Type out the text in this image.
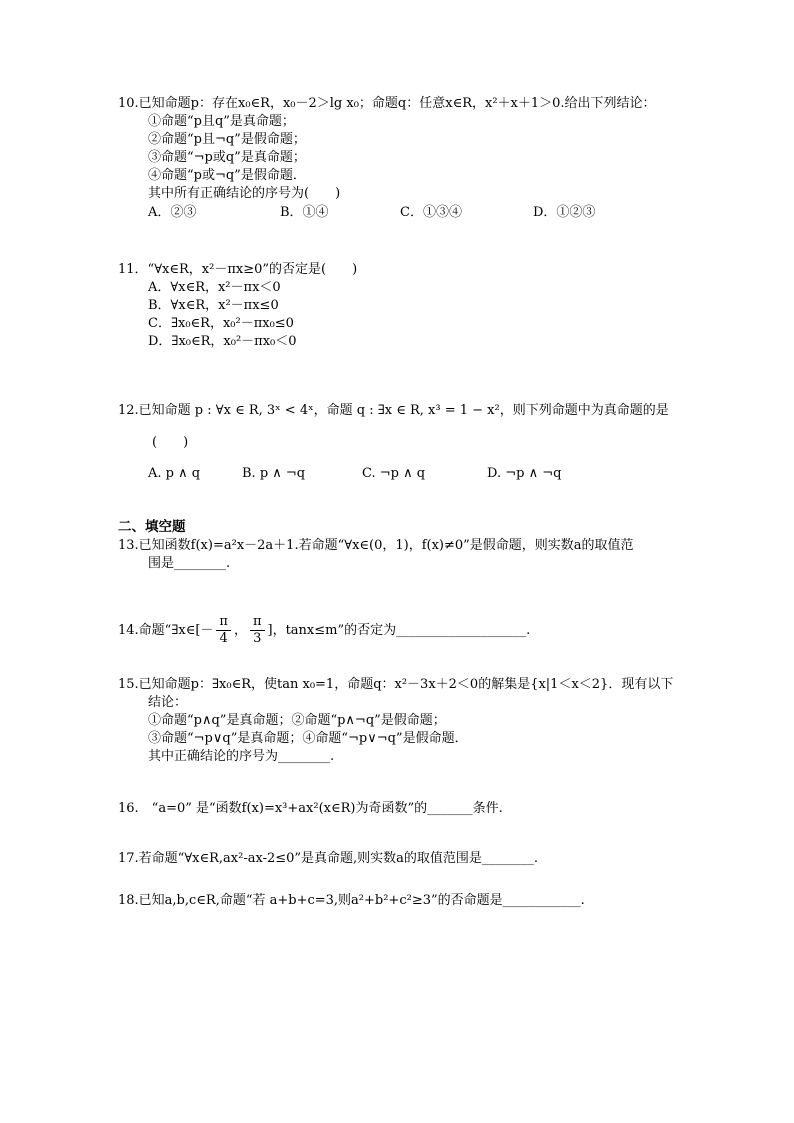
10.已知命题p：存在x₀∈R，x₀－2＞lg x₀；命题q：任意x∈R，x²＋x＋1＞0.给出下列结论：
①命题“p且q”是真命题；
②命题“p且¬q”是假命题；
③命题“¬p或q”是真命题；
④命题“p或¬q”是假命题．
其中所有正确结论的序号为(　　)
A．②③	B．①④	C．①③④	D．①②③
11．“∀x∈R，x²－πx≥0”的否定是(　　)
A．∀x∈R，x²－πx＜0
B．∀x∈R，x²－πx≤0
C．∃x₀∈R，x₀²－πx₀≤0
D．∃x₀∈R，x₀²－πx₀＜0
12.已知命题 p : ∀x ∈ R, 3ˣ < 4ˣ，命题 q : ∃x ∈ R, x³ = 1 − x²，则下列命题中为真命题的是
(　　)
A. p ∧ q	B. p ∧ ¬q	C. ¬p ∧ q	D. ¬p ∧ ¬q
二、填空题
13.已知函数f(x)=a²x－2a＋1.若命题“∀x∈(0，1)，f(x)≠0”是假命题，则实数a的取值范
围是________.
14.命题“∃x∈[－ $\frac{\pi}{4}$ ， $\frac{\pi}{3}$ ]，tanx≤m”的否定为____________________.
15.已知命题p：∃x₀∈R，使tan x₀=1，命题q：x²－3x＋2＜0的解集是{x|1＜x＜2}．现有以下
结论：
①命题“p∧q”是真命题；②命题“p∧¬q”是假命题；
③命题“¬p∨q”是真命题；④命题“¬p∨¬q”是假命题．
其中正确结论的序号为________.
16.　“a=0” 是“函数f(x)=x³+ax²(x∈R)为奇函数”的_______条件.
17.若命题“∀x∈R,ax²-ax-2≤0”是真命题,则实数a的取值范围是________.
18.已知a,b,c∈R,命题“若 a+b+c=3,则a²+b²+c²≥3”的否命题是____________.
